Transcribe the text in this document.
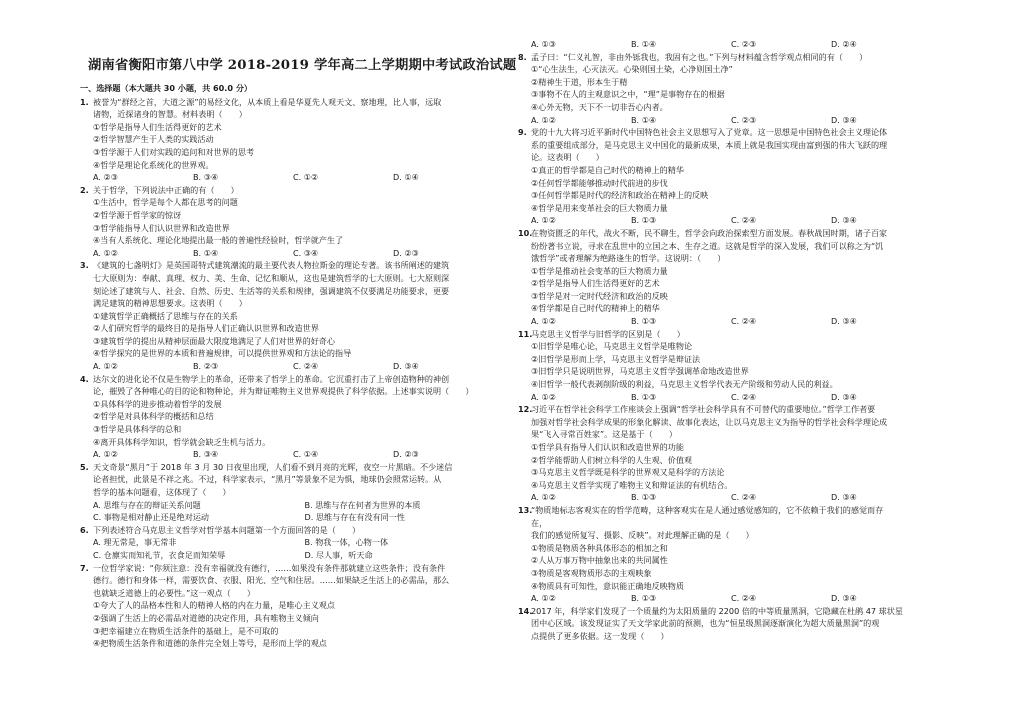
湖南省衡阳市第八中学 2018-2019 学年高二上学期期中考试政治试题
一、选择题（本大题共 30 小题，共 60.0 分）
1. 被誉为“群经之首，大道之源”的易经文化，从本质上看是华夏先人观天文、察地理，比人事，远取
诸物，近探诸身的智慧。材料表明（　　）
①哲学是指导人们生活得更好的艺术
②哲学智慧产生于人类的实践活动
③哲学源于人们对实践的追问和对世界的思考
④哲学是理论化系统化的世界观。
A. ②③	B. ③④	C. ①②	D. ①④
2. 关于哲学，下列说法中正确的有（　　）
①生活中，哲学是每个人都在思考的问题
②哲学源于哲学家的惊讶
③哲学能指导人们认识世界和改造世界
④当有人系统化、理论化地提出最一般的普遍性经验时，哲学就产生了
A. ①②	B. ①④	C. ③④	D. ②③
3. 《建筑的七盏明灯》是英国哥特式建筑潮流的最主要代表人物拉斯金的理论专著。该书所阐述的建筑
七大原则为：奉献、真理、权力、美、生命、记忆和顺从，这也是建筑哲学的七大原则。七大原则深
刻论述了建筑与人、社会、自然、历史、生活等的关系和规律，强调建筑不仅要满足功能要求，更要
满足建筑的精神思想要求。这表明（　　）
①建筑哲学正确概括了思维与存在的关系
②人们研究哲学的最终目的是指导人们正确认识世界和改造世界
③建筑哲学的提出从精神层面最大限度地满足了人们对世界的好奇心
④哲学探究的是世界的本质和普遍规律，可以提供世界观和方法论的指导
A. ①②	B. ②③	C. ②④	D. ③④
4. 达尔文的进化论不仅是生物学上的革命，还带来了哲学上的革命。它沉重打击了上帝创造物种的神创
论，摧毁了各种唯心的目的论和物种论，并为辩证唯物主义世界观提供了科学依据。上述事实说明（　　）
①具体科学的进步推动着哲学的发展
②哲学是对具体科学的概括和总结
③哲学是具体科学的总和
④离开具体科学知识，哲学就会缺乏生机与活力。
A. ①②	B. ③④	C. ①④	D. ②③
5. 天文奇景“黑月”于 2018 年 3 月 30 日夜里出现，人们看不到月亮的光辉，夜空一片黑暗。不少迷信
论者担忧，此景是不祥之兆。不过，科学家表示，“黑月”等景象不足为惧，地球仍会照常运转。从
哲学的基本问题看，这体现了（　　）
A. 思维与存在的辩证关系问题	B. 思维与存在何者为世界的本质
C. 事物是相对静止还是绝对运动	D. 思维与存在有没有同一性
6. 下列表述符合马克思主义哲学对哲学基本问题第一个方面回答的是（　　）
A. 理无常是，事无常非	B. 物我一体，心物一体
C. 仓廪实而知礼节，衣食足而知荣辱	D. 尽人事，听天命
7. 一位哲学家说：“你须注意：没有幸福就没有德行，……如果没有条件那就建立这些条件；没有条件
德行。德行和身体一样，需要饮食、衣服、阳光、空气和住居。……如果缺乏生活上的必需品，那么
也就缺乏道德上的必要性。”这一观点（　　）
①夸大了人的品格本性和人的精神人格的内在力量，是唯心主义观点
②强调了生活上的必需品对道德的决定作用，具有唯物主义倾向
③把幸福建立在物质生活条件的基础上，是不可取的
④把物质生活条件和道德的条件完全划上等号，是形而上学的观点
A. ①③	B. ①④	C. ②③	D. ②④
8. 孟子曰：“仁义礼智，非由外铄我也，我固有之也。”下列与材料蕴含哲学观点相同的有（　　）
①“心生法生，心灭法灭。心染则国土染，心净则国土净”
②精神生于道，形本生于精
③事物不在人的主观意识之中，“理”是事物存在的根据
④心外无物，天下不一切非吾心内者。
A. ①②	B. ①④	C. ②③	D. ③④
9. 党的十九大将习近平新时代中国特色社会主义思想写入了党章。这一思想是中国特色社会主义理论体
系的重要组成部分，是马克思主义中国化的最新成果，本质上就是我国实现由富到强的伟大飞跃的理
论。这表明（　　）
①真正的哲学都是自己时代的精神上的精华
②任何哲学都能够推动时代前进的步伐
③任何哲学都是时代的经济和政治在精神上的反映
④哲学是用来变革社会的巨大物质力量
A. ①②	B. ①③	C. ②④	D. ③④
10.
在物资匮乏的年代，战火不断，民不聊生，哲学会向政治探索型方面发展。春秋战国时期，诸子百家
纷纷著书立说，寻求在乱世中的立国之本、生存之道。这就是哲学的深入发展，我们可以称之为“饥
饿哲学”或者理解为绝路逢生的哲学。这说明：（　　）
①哲学是推动社会变革的巨大物质力量
②哲学是指导人们生活得更好的艺术
③哲学是对一定时代经济和政治的反映
④哲学都是自己时代的精神上的精华
A. ①②	B. ①③	C. ②④	D. ③④
11.
马克思主义哲学与旧哲学的区别是（　　）
①旧哲学是唯心论，马克思主义哲学是唯物论
②旧哲学是形而上学，马克思主义哲学是辩证法
③旧哲学只是说明世界，马克思主义哲学强调革命地改造世界
④旧哲学一般代表剥削阶级的利益，马克思主义哲学代表无产阶级和劳动人民的利益。
A. ①②	B. ①③	C. ②④	D. ③④
12.
习近平在哲学社会科学工作座谈会上强调“哲学社会科学具有不可替代的重要地位。”哲学工作者要
加强对哲学社会科学成果的形象化解读、故事化表达，让以马克思主义为指导的哲学社会科学理论成
果“飞入寻常百姓家”。这是基于（　　）
①哲学具有指导人们认识和改造世界的功能
②哲学能帮助人们树立科学的人生观、价值观
③马克思主义哲学既是科学的世界观又是科学的方法论
④马克思主义哲学实现了唯物主义和辩证法的有机结合。
A. ①②	B. ①③	C. ②④	D. ③④
13.
“物质地标志客观实在的哲学范畴，这种客观实在是人通过感觉感知的，它不依赖于我们的感觉而存
在，
我们的感觉所复写、摄影、反映”。对此理解正确的是（　　）
①物质是物质各种具体形态的相加之和
②人从万事万物中抽象出来的共同属性
③物质是客观物质形态的主观映象
④物质具有可知性，意识能正确地反映物质
A. ①②	B. ①③	C. ②④	D. ③④
14.
2017 年，科学家们发现了一个质量约为太阳质量的 2200 倍的中等质量黑洞，它隐藏在杜鹃 47 球状星
团中心区域。该发现证实了天文学家此前的预测，也为“恒星级黑洞逐渐演化为超大质量黑洞”的观
点提供了更多依据。这一发现（　　）
